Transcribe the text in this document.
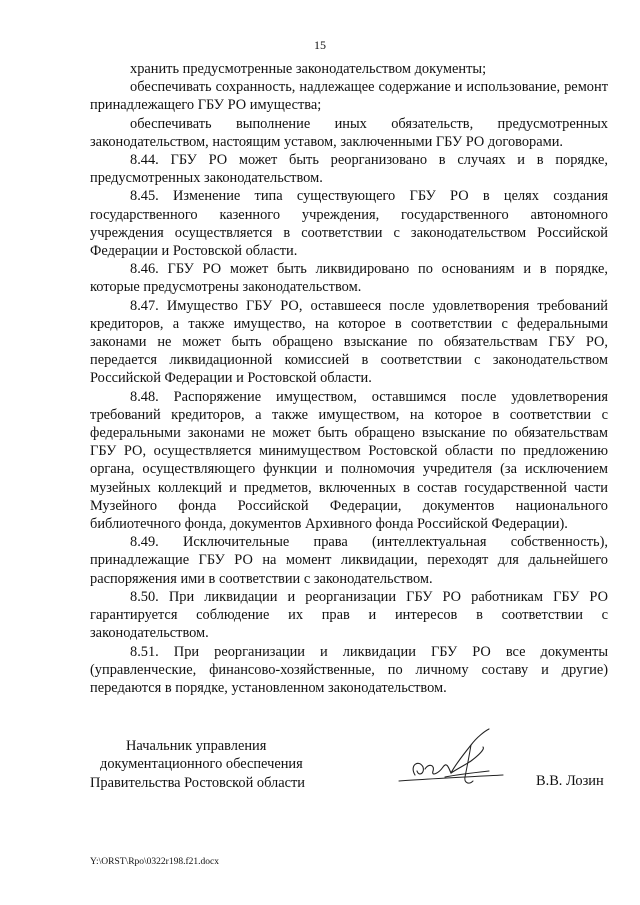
15

хранить предусмотренные законодательством документы;

обеспечивать сохранность, надлежащее содержание и использование, ремонт принадлежащего ГБУ РО имущества;

обеспечивать выполнение иных обязательств, предусмотренных законодательством, настоящим уставом, заключенными ГБУ РО договорами.

8.44. ГБУ РО может быть реорганизовано в случаях и в порядке, предусмотренных законодательством.

8.45. Изменение типа существующего ГБУ РО в целях создания государственного казенного учреждения, государственного автономного учреждения осуществляется в соответствии с законодательством Российской Федерации и Ростовской области.

8.46. ГБУ РО может быть ликвидировано по основаниям и в порядке, которые предусмотрены законодательством.

8.47. Имущество ГБУ РО, оставшееся после удовлетворения требований кредиторов, а также имущество, на которое в соответствии с федеральными законами не может быть обращено взыскание по обязательствам ГБУ РО, передается ликвидационной комиссией в соответствии с законодательством Российской Федерации и Ростовской области.

8.48. Распоряжение имуществом, оставшимся после удовлетворения требований кредиторов, а также имуществом, на которое в соответствии с федеральными законами не может быть обращено взыскание по обязательствам ГБУ РО, осуществляется минимуществом Ростовской области по предложению органа, осуществляющего функции и полномочия учредителя (за исключением музейных коллекций и предметов, включенных в состав государственной части Музейного фонда Российской Федерации, документов национального библиотечного фонда, документов Архивного фонда Российской Федерации).

8.49. Исключительные права (интеллектуальная собственность), принадлежащие ГБУ РО на момент ликвидации, переходят для дальнейшего распоряжения ими в соответствии с законодательством.

8.50. При ликвидации и реорганизации ГБУ РО работникам ГБУ РО гарантируется соблюдение их прав и интересов в соответствии с законодательством.

8.51. При реорганизации и ликвидации ГБУ РО все документы (управленческие, финансово-хозяйственные, по личному составу и другие) передаются в порядке, установленном законодательством.

Начальник управления
документационного обеспечения
Правительства Ростовской области	В.В. Лозин
Y:\ORST\Rpo\0322r198.f21.docx
